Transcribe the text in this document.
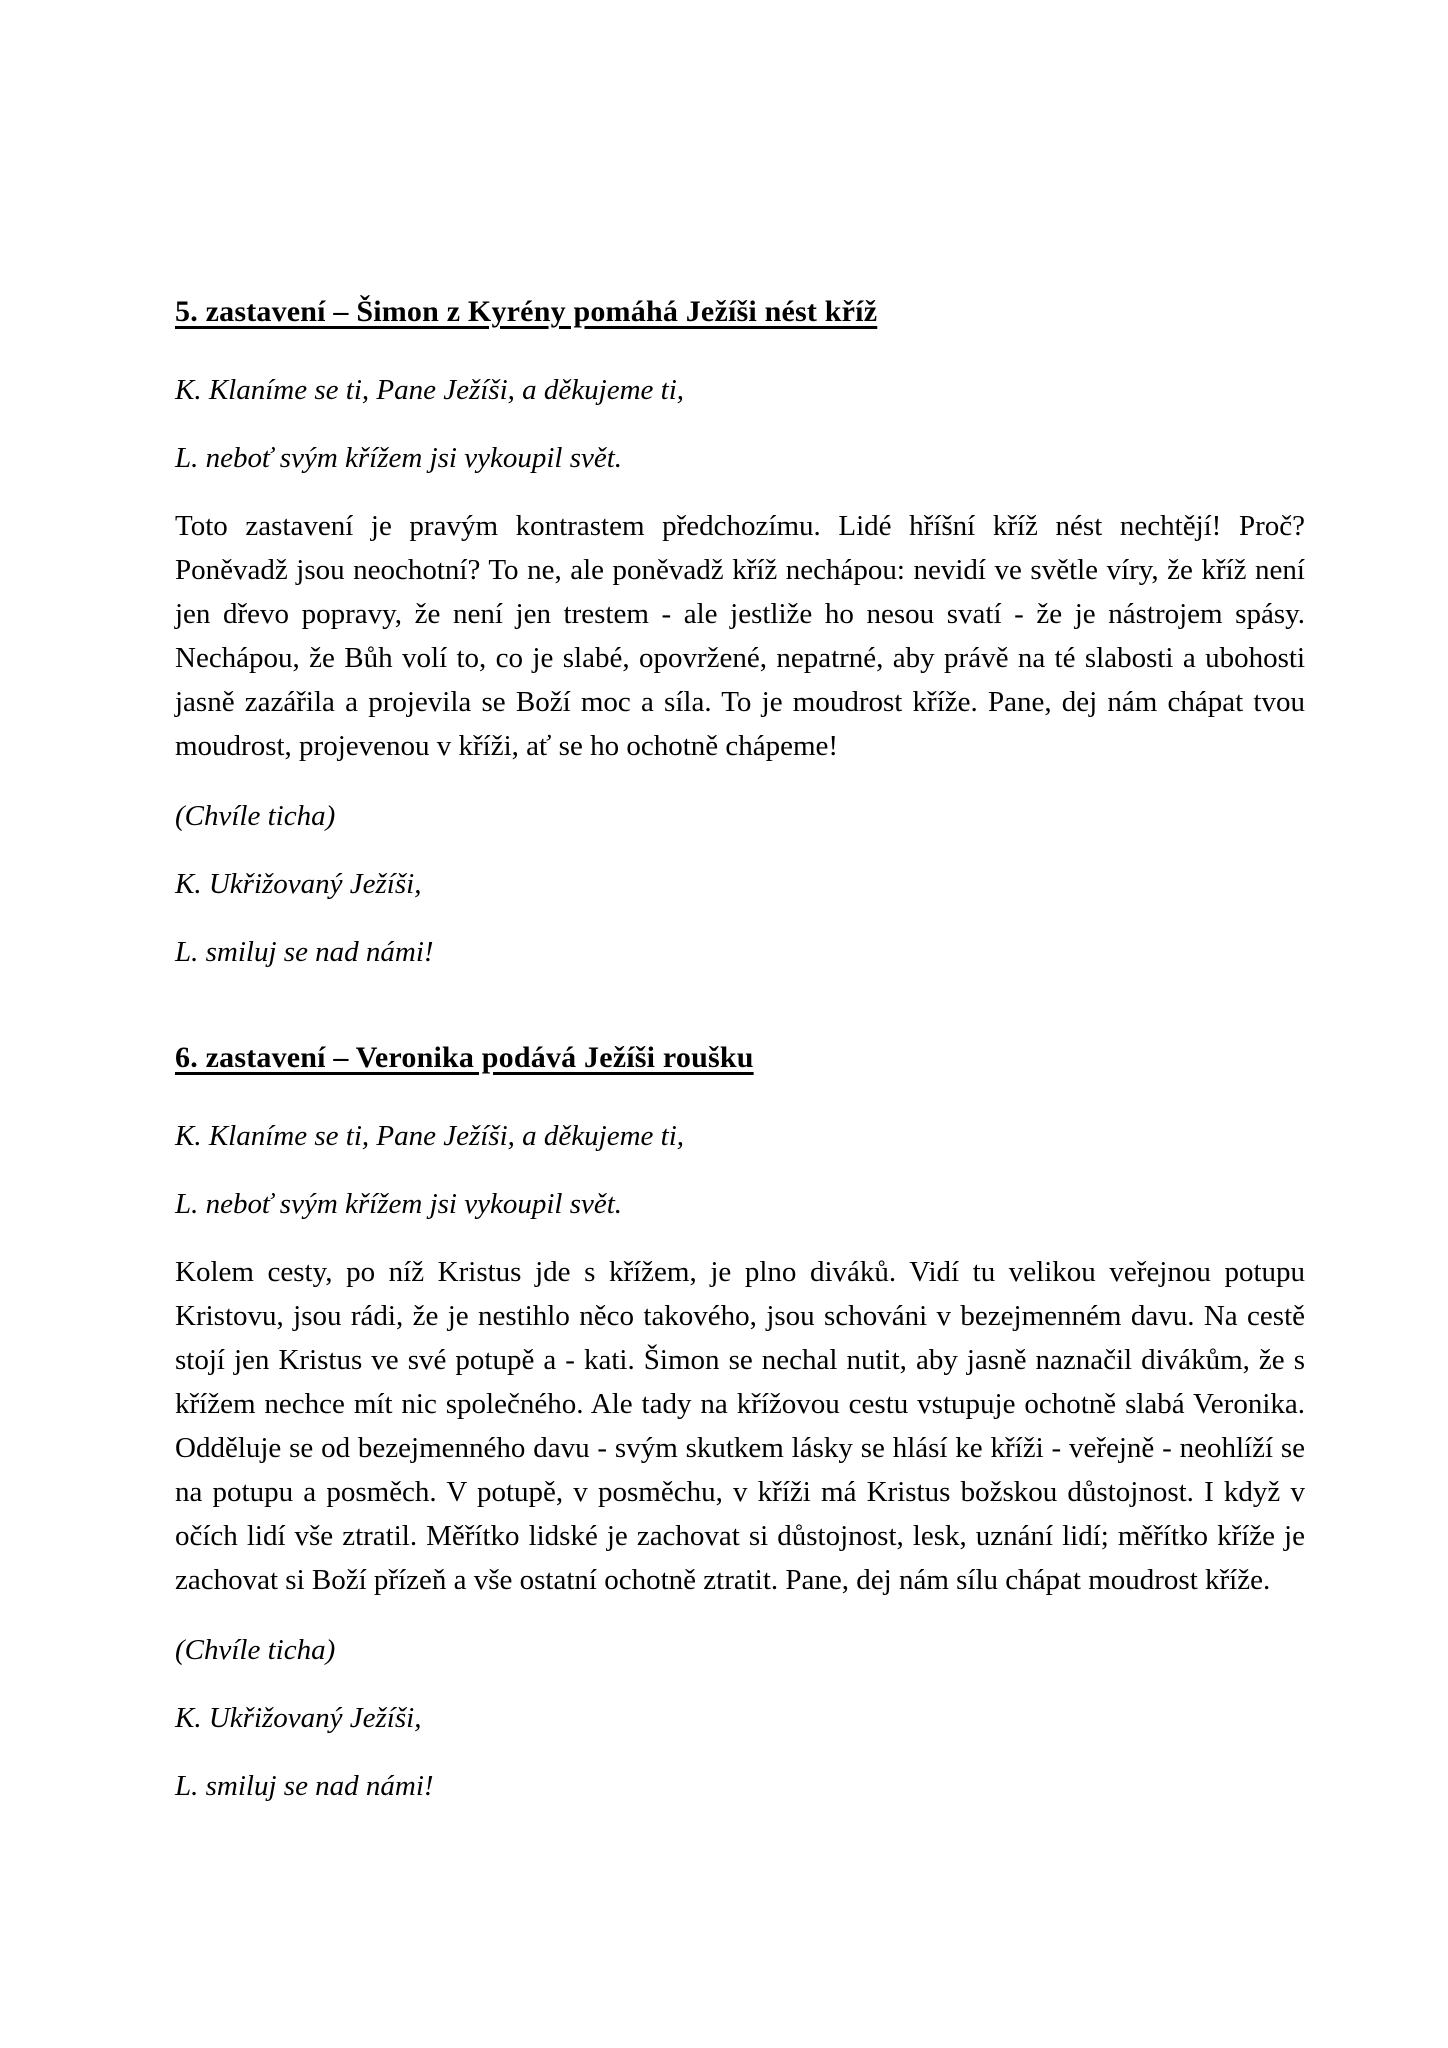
5. zastavení – Šimon z Kyrény pomáhá Ježíši nést kříž

K. Klaníme se ti, Pane Ježíši, a děkujeme ti,

L. neboť svým křížem jsi vykoupil svět.

Toto zastavení je pravým kontrastem předchozímu. Lidé hříšní kříž nést nechtějí! Proč? Poněvadž jsou neochotní? To ne, ale poněvadž kříž nechápou: nevidí ve světle víry, že kříž není jen dřevo popravy, že není jen trestem - ale jestliže ho nesou svatí - že je nástrojem spásy. Nechápou, že Bůh volí to, co je slabé, opovržené, nepatrné, aby právě na té slabosti a ubohosti jasně zazářila a projevila se Boží moc a síla. To je moudrost kříže. Pane, dej nám chápat tvou moudrost, projevenou v kříži, ať se ho ochotně chápeme!

(Chvíle ticha)

K. Ukřižovaný Ježíši,

L. smiluj se nad námi!

6. zastavení – Veronika podává Ježíši roušku

K. Klaníme se ti, Pane Ježíši, a děkujeme ti,

L. neboť svým křížem jsi vykoupil svět.

Kolem cesty, po níž Kristus jde s křížem, je plno diváků. Vidí tu velikou veřejnou potupu Kristovu, jsou rádi, že je nestihlo něco takového, jsou schováni v bezejmenném davu. Na cestě stojí jen Kristus ve své potupě a - kati. Šimon se nechal nutit, aby jasně naznačil divákům, že s křížem nechce mít nic společného. Ale tady na křížovou cestu vstupuje ochotně slabá Veronika. Odděluje se od bezejmenného davu - svým skutkem lásky se hlásí ke kříži - veřejně - neohlíží se na potupu a posměch. V potupě, v posměchu, v kříži má Kristus božskou důstojnost. I když v očích lidí vše ztratil. Měřítko lidské je zachovat si důstojnost, lesk, uznání lidí; měřítko kříže je zachovat si Boží přízeň a vše ostatní ochotně ztratit. Pane, dej nám sílu chápat moudrost kříže.

(Chvíle ticha)

K. Ukřižovaný Ježíši,

L. smiluj se nad námi!
